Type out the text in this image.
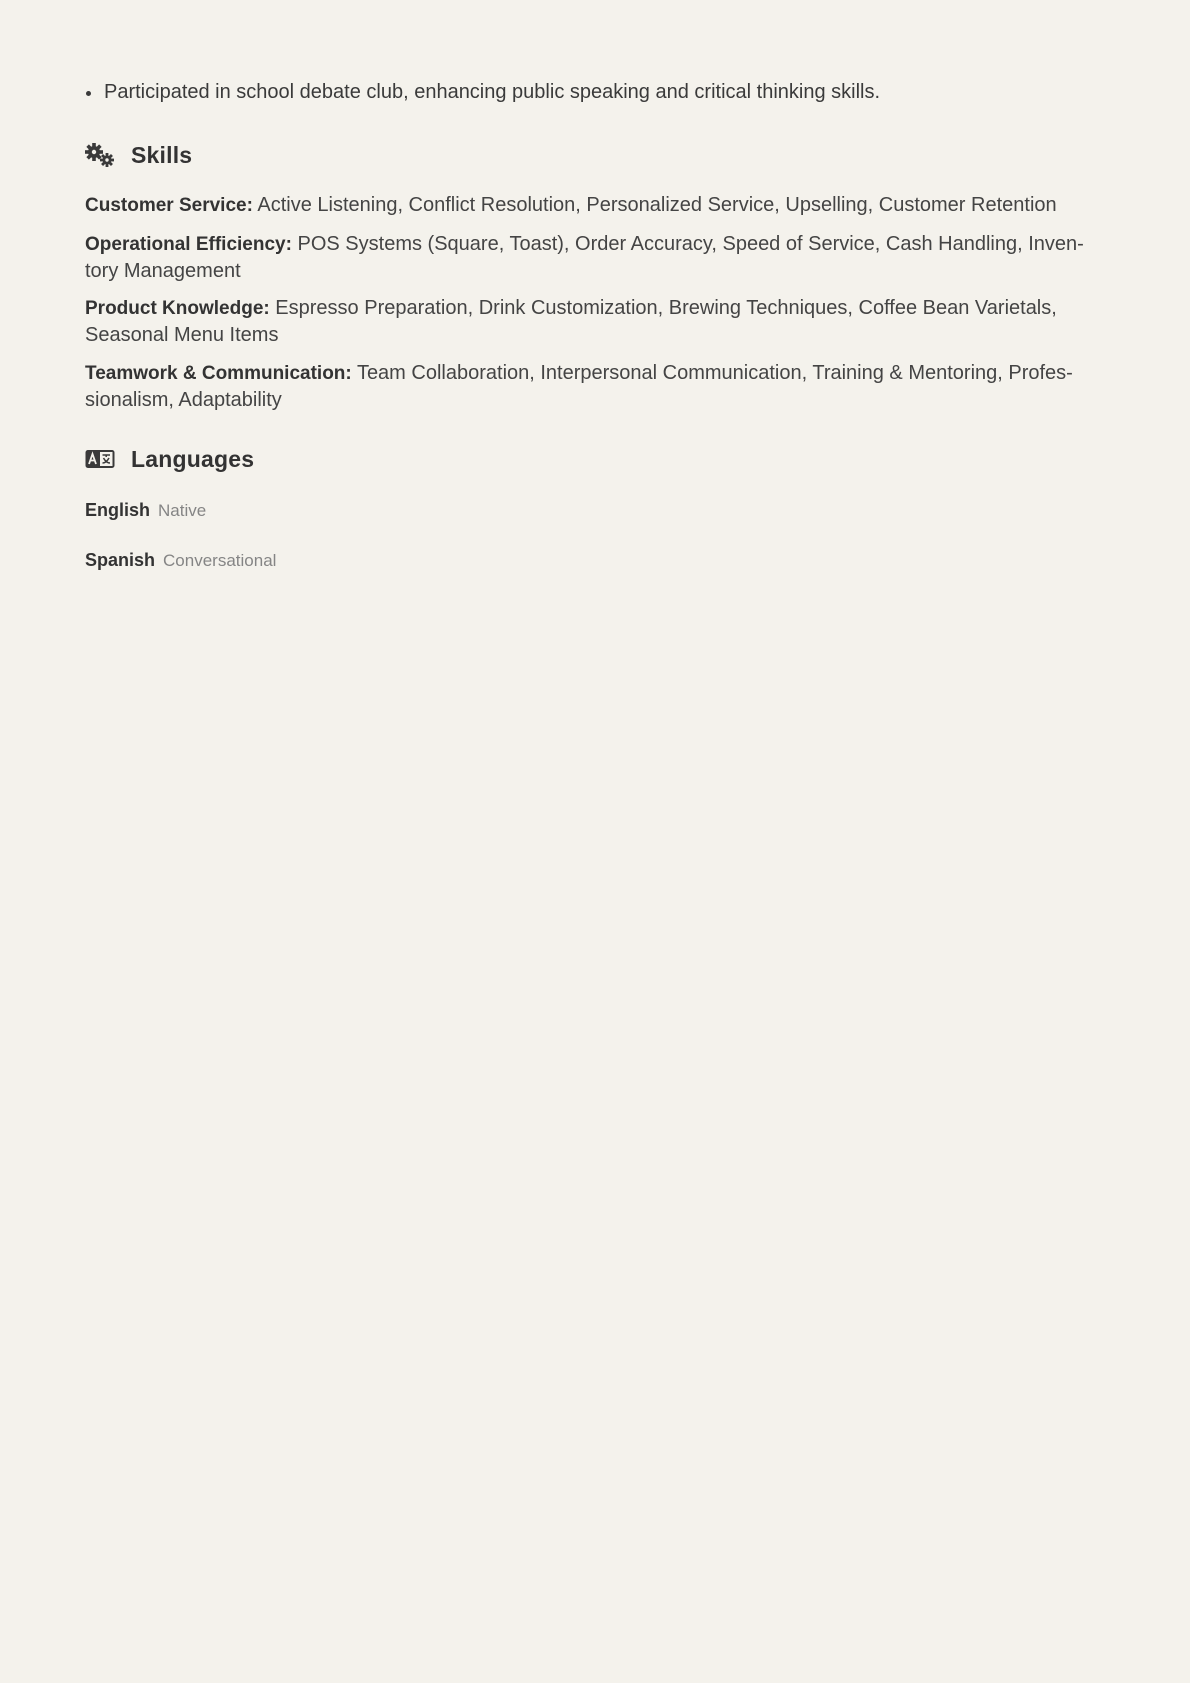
Participated in school debate club, enhancing public speaking and critical thinking skills.
Skills
Customer Service: Active Listening, Conflict Resolution, Personalized Service, Upselling, Customer Retention
Operational Efficiency: POS Systems (Square, Toast), Order Accuracy, Speed of Service, Cash Handling, Inven-tory Management
Product Knowledge: Espresso Preparation, Drink Customization, Brewing Techniques, Coffee Bean Varietals, Seasonal Menu Items
Teamwork & Communication: Team Collaboration, Interpersonal Communication, Training & Mentoring, Profes-sionalism, Adaptability
Languages
English Native
Spanish Conversational
